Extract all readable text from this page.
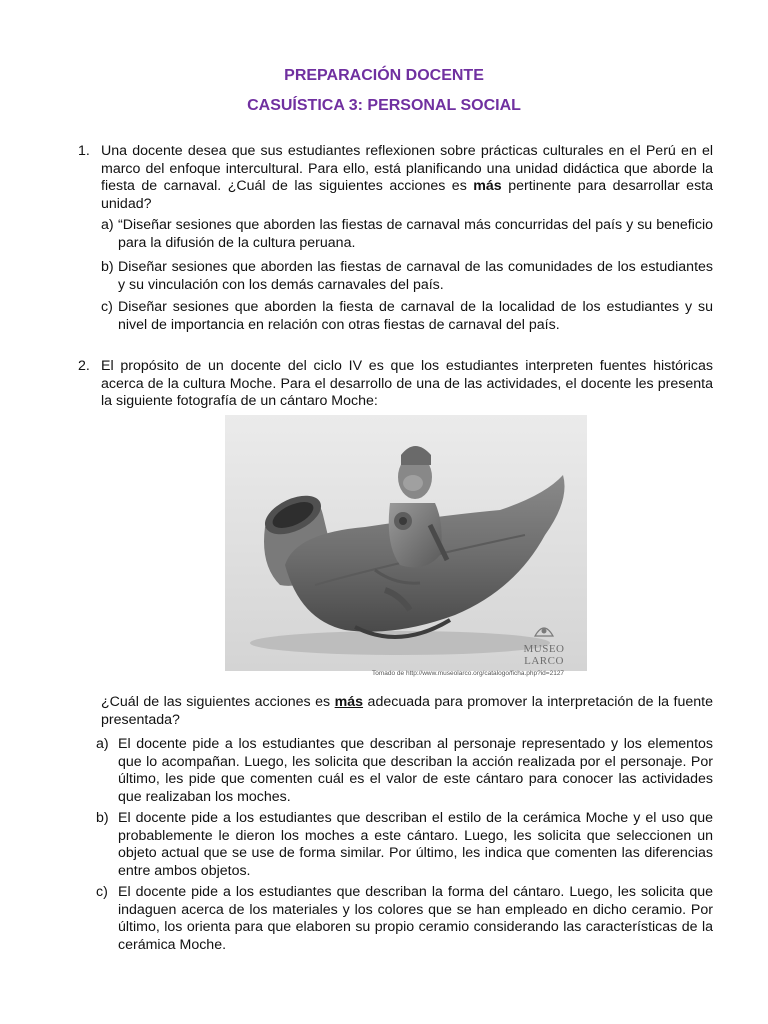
PREPARACIÓN DOCENTE
CASUÍSTICA 3: PERSONAL SOCIAL
1. Una docente desea que sus estudiantes reflexionen sobre prácticas culturales en el Perú en el marco del enfoque intercultural. Para ello, está planificando una unidad didáctica que aborde la fiesta de carnaval. ¿Cuál de las siguientes acciones es más pertinente para desarrollar esta unidad?
a) “Diseñar sesiones que aborden las fiestas de carnaval más concurridas del país y su beneficio para la difusión de la cultura peruana.
b) Diseñar sesiones que aborden las fiestas de carnaval de las comunidades de los estudiantes y su vinculación con los demás carnavales del país.
c) Diseñar sesiones que aborden la fiesta de carnaval de la localidad de los estudiantes y su nivel de importancia en relación con otras fiestas de carnaval del país.
2. El propósito de un docente del ciclo IV es que los estudiantes interpreten fuentes históricas acerca de la cultura Moche. Para el desarrollo de una de las actividades, el docente les presenta la siguiente fotografía de un cántaro Moche:
MUSEO LARCO
Tomado de http://www.museolarco.org/catalogo/ficha.php?id=2127
¿Cuál de las siguientes acciones es más adecuada para promover la interpretación de la fuente presentada?
a) El docente pide a los estudiantes que describan al personaje representado y los elementos que lo acompañan. Luego, les solicita que describan la acción realizada por el personaje. Por último, les pide que comenten cuál es el valor de este cántaro para conocer las actividades que realizaban los moches.
b) El docente pide a los estudiantes que describan el estilo de la cerámica Moche y el uso que probablemente le dieron los moches a este cántaro. Luego, les solicita que seleccionen un objeto actual que se use de forma similar. Por último, les indica que comenten las diferencias entre ambos objetos.
c) El docente pide a los estudiantes que describan la forma del cántaro. Luego, les solicita que indaguen acerca de los materiales y los colores que se han empleado en dicho ceramio. Por último, los orienta para que elaboren su propio ceramio considerando las características de la cerámica Moche.
